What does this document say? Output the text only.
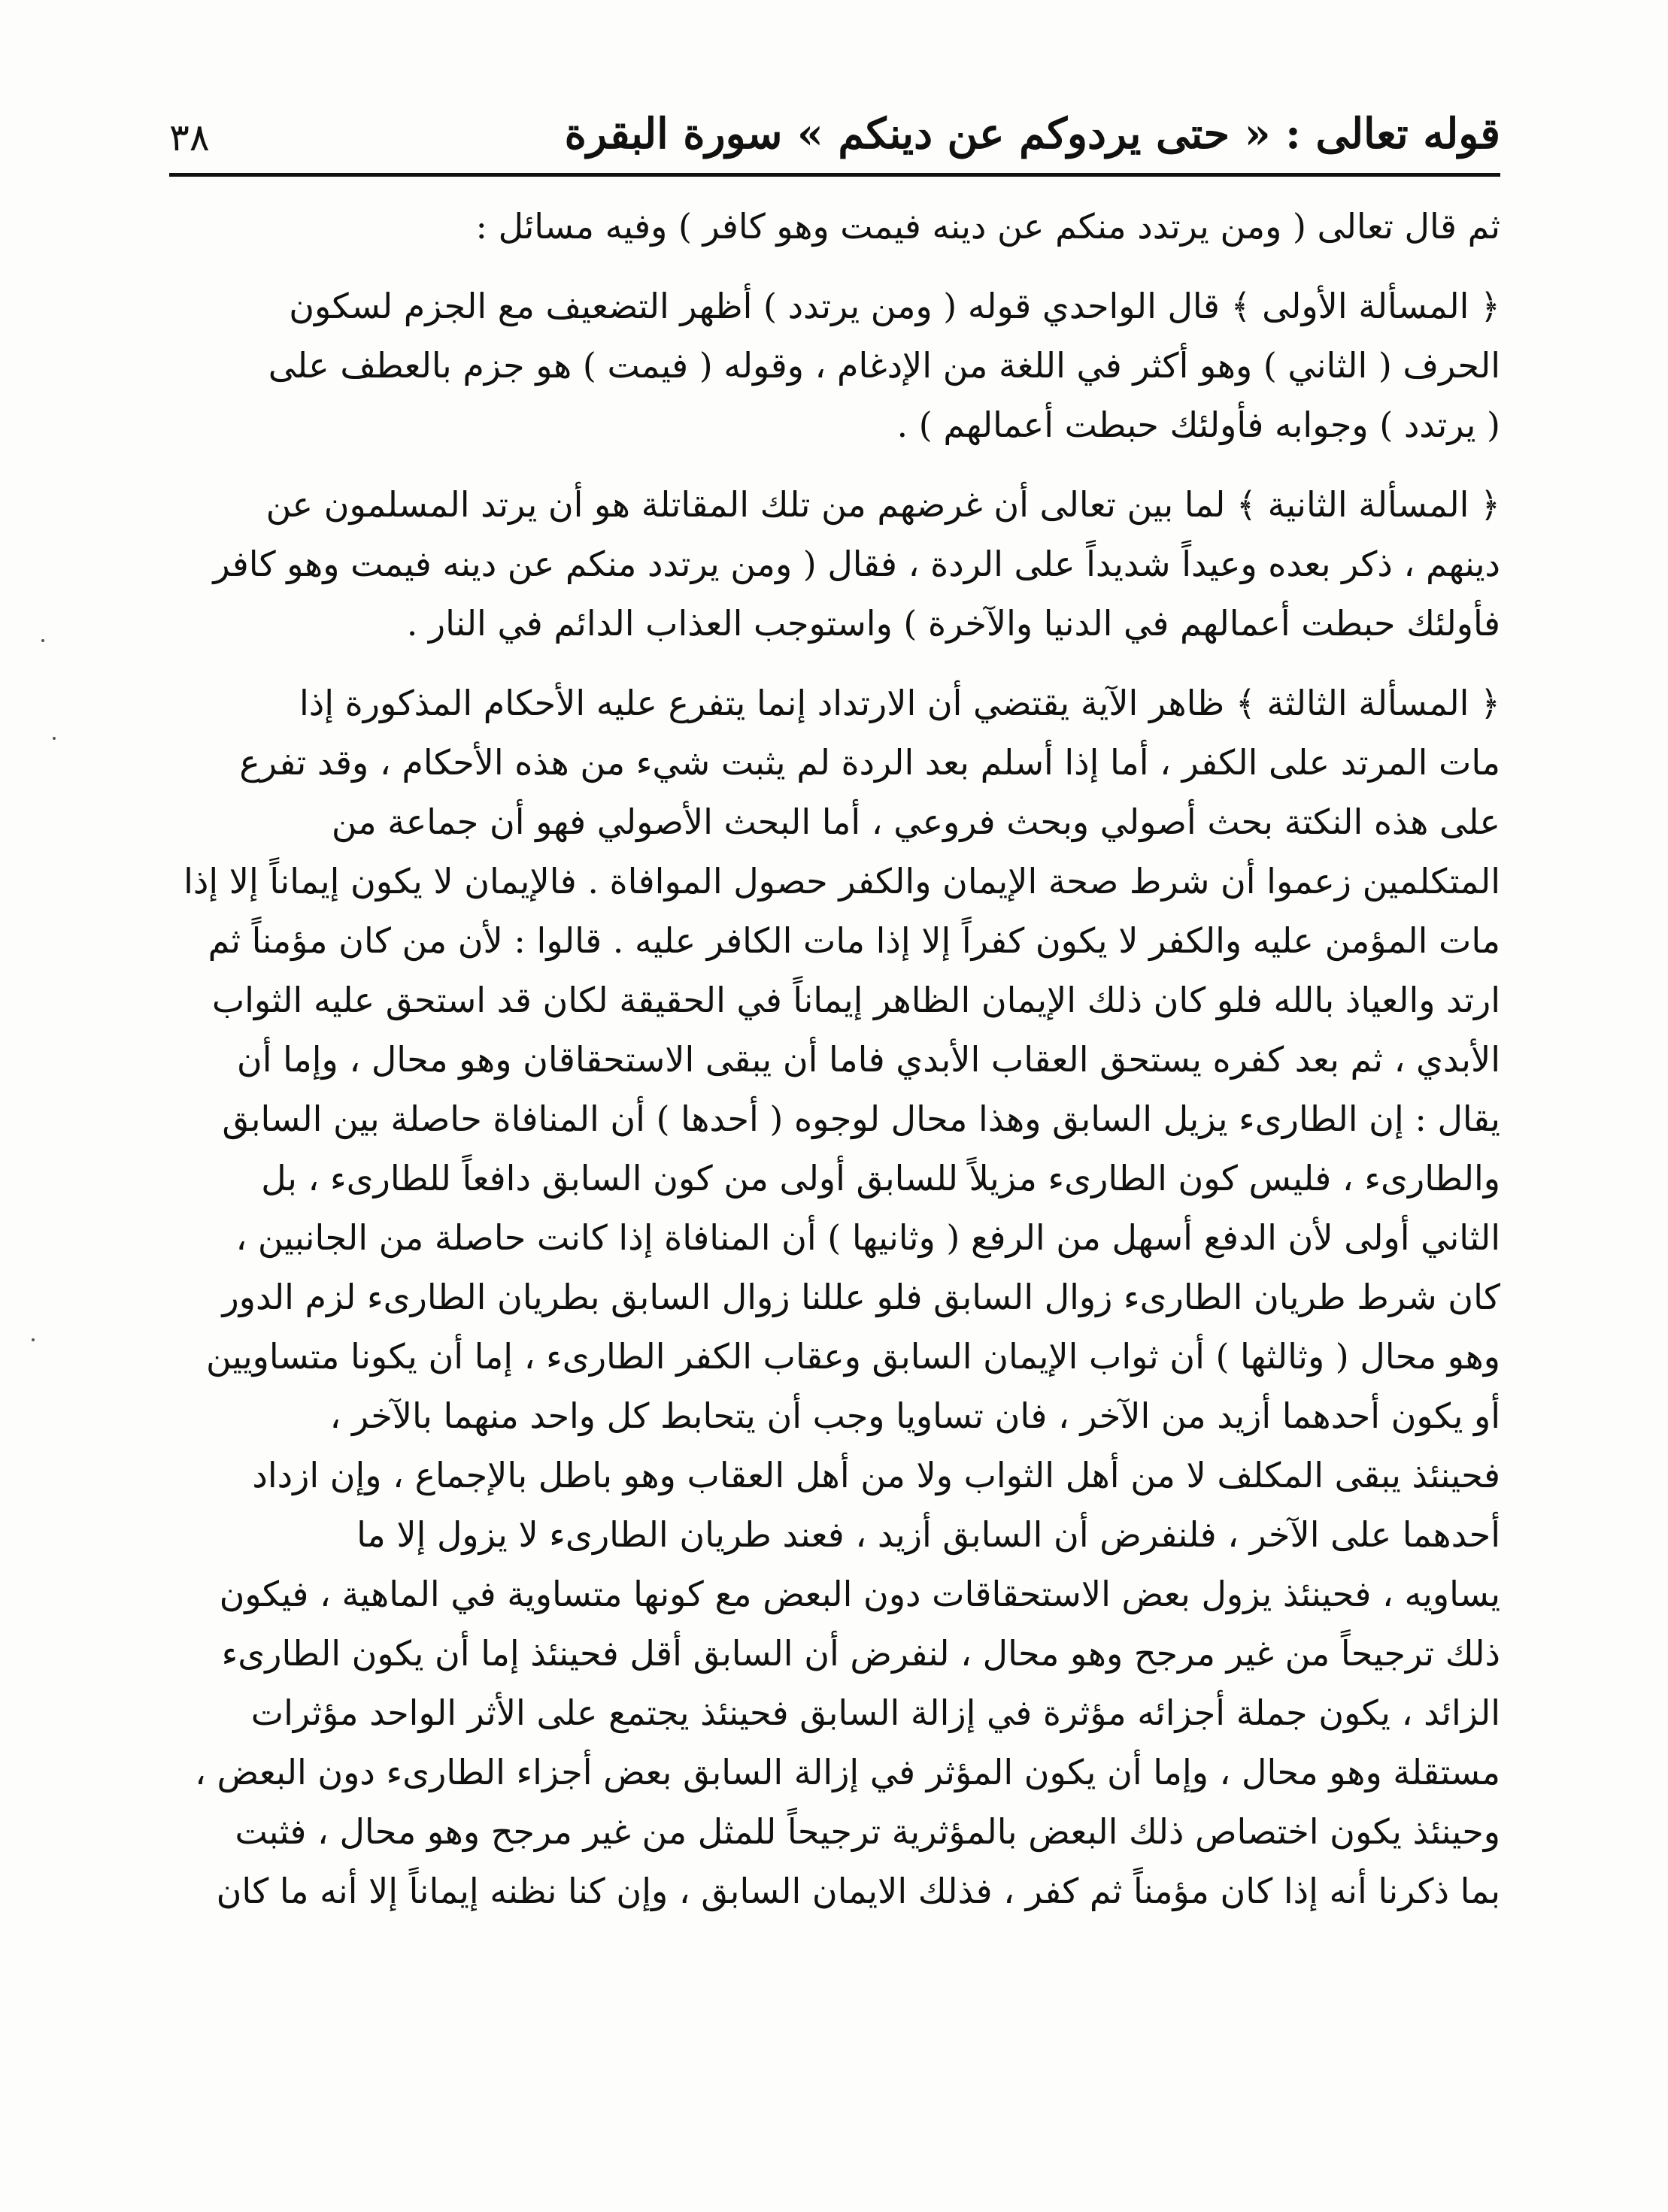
قوله تعالى : « حتى يردوكم عن دينكم » سورة البقرة
٣٨
ثم قال تعالى ( ومن يرتدد منكم عن دينه فيمت وهو كافر ) وفيه مسائل :
﴿ المسألة الأولى ﴾ قال الواحدي قوله ( ومن يرتدد ) أظهر التضعيف مع الجزم لسكون
الحرف ( الثاني ) وهو أكثر في اللغة من الإدغام ، وقوله ( فيمت ) هو جزم بالعطف على
( يرتدد ) وجوابه فأولئك حبطت أعمالهم ) .
﴿ المسألة الثانية ﴾ لما بين تعالى أن غرضهم من تلك المقاتلة هو أن يرتد المسلمون عن
دينهم ، ذكر بعده وعيداً شديداً على الردة ، فقال ( ومن يرتدد منكم عن دينه فيمت وهو كافر
فأولئك حبطت أعمالهم في الدنيا والآخرة ) واستوجب العذاب الدائم في النار .
﴿ المسألة الثالثة ﴾ ظاهر الآية يقتضي أن الارتداد إنما يتفرع عليه الأحكام المذكورة إذا
مات المرتد على الكفر ، أما إذا أسلم بعد الردة لم يثبت شيء من هذه الأحكام ، وقد تفرع
على هذه النكتة بحث أصولي وبحث فروعي ، أما البحث الأصولي فهو أن جماعة من
المتكلمين زعموا أن شرط صحة الإيمان والكفر حصول الموافاة . فالإيمان لا يكون إيماناً إلا إذا
مات المؤمن عليه والكفر لا يكون كفراً إلا إذا مات الكافر عليه . قالوا : لأن من كان مؤمناً ثم
ارتد والعياذ بالله فلو كان ذلك الإيمان الظاهر إيماناً في الحقيقة لكان قد استحق عليه الثواب
الأبدي ، ثم بعد كفره يستحق العقاب الأبدي فاما أن يبقى الاستحقاقان وهو محال ، وإما أن
يقال : إن الطارىء يزيل السابق وهذا محال لوجوه ( أحدها ) أن المنافاة حاصلة بين السابق
والطارىء ، فليس كون الطارىء مزيلاً للسابق أولى من كون السابق دافعاً للطارىء ، بل
الثاني أولى لأن الدفع أسهل من الرفع ( وثانيها ) أن المنافاة إذا كانت حاصلة من الجانبين ،
كان شرط طريان الطارىء زوال السابق فلو عللنا زوال السابق بطريان الطارىء لزم الدور
وهو محال ( وثالثها ) أن ثواب الإيمان السابق وعقاب الكفر الطارىء ، إما أن يكونا متساويين
أو يكون أحدهما أزيد من الآخر ، فان تساويا وجب أن يتحابط كل واحد منهما بالآخر ،
فحينئذ يبقى المكلف لا من أهل الثواب ولا من أهل العقاب وهو باطل بالإجماع ، وإن ازداد
أحدهما على الآخر ، فلنفرض أن السابق أزيد ، فعند طريان الطارىء لا يزول إلا ما
يساويه ، فحينئذ يزول بعض الاستحقاقات دون البعض مع كونها متساوية في الماهية ، فيكون
ذلك ترجيحاً من غير مرجح وهو محال ، لنفرض أن السابق أقل فحينئذ إما أن يكون الطارىء
الزائد ، يكون جملة أجزائه مؤثرة في إزالة السابق فحينئذ يجتمع على الأثر الواحد مؤثرات
مستقلة وهو محال ، وإما أن يكون المؤثر في إزالة السابق بعض أجزاء الطارىء دون البعض ،
وحينئذ يكون اختصاص ذلك البعض بالمؤثرية ترجيحاً للمثل من غير مرجح وهو محال ، فثبت
بما ذكرنا أنه إذا كان مؤمناً ثم كفر ، فذلك الايمان السابق ، وإن كنا نظنه إيماناً إلا أنه ما كان
